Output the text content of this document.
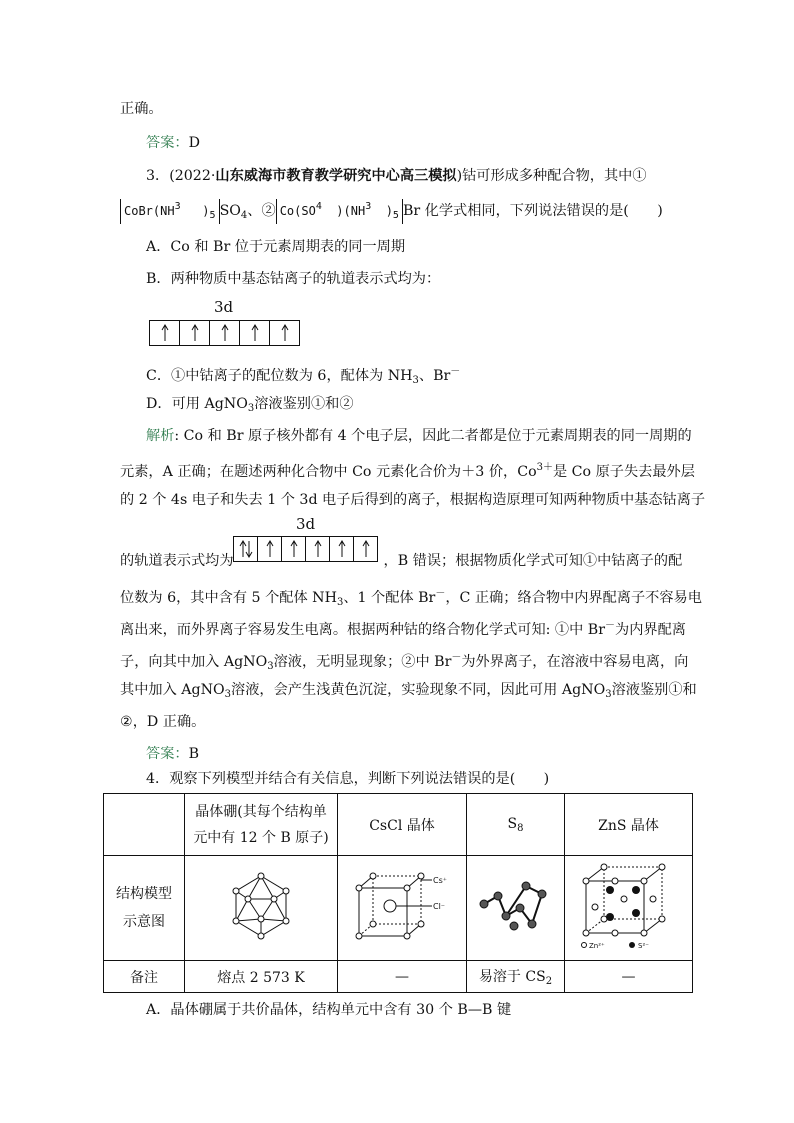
正确。
答案：D
3．(2022·山东威海市教育教学研究中心高三模拟)钴可形成多种配合物，其中①
$CoBr(NH^3$ )$_5$ $SO_4$、② $Co(SO^4$ )($NH^3$ )$_5$ Br 化学式相同，下列说法错误的是(　　)
A．Co 和 Br 位于元素周期表的同一周期
B．两种物质中基态钴离子的轨道表示式均为：
3d
C．①中钴离子的配位数为 6，配体为 $NH_3$、Br－
D．可用 AgNO$_3$溶液鉴别①和②
解析: Co 和 Br 原子核外都有 4 个电子层，因此二者都是位于元素周期表的同一周期的
元素，A 正确；在题述两种化合物中 Co 元素化合价为＋3 价，$Co^{3+}$是 Co 原子失去最外层
的 2 个 4s 电子和失去 1 个 3d 电子后得到的离子，根据构造原理可知两种物质中基态钴离子
3d
的轨道表示式均为	，B 错误；根据物质化学式可知①中钴离子的配
位数为 6，其中含有 5 个配体 $NH_3$、1 个配体 Br－，C 正确；络合物中内界配离子不容易电
离出来，而外界离子容易发生电离。根据两种钴的络合物化学式可知: ①中 Br－为内界配离
子，向其中加入 AgNO$_3$溶液，无明显现象；②中 Br－为外界离子，在溶液中容易电离，向
其中加入 AgNO$_3$溶液，会产生浅黄色沉淀，实验现象不同，因此可用 AgNO$_3$溶液鉴别①和
②，D 正确。
答案：B
4．观察下列模型并结合有关信息，判断下列说法错误的是(　　)
	晶体硼(其每个结构单
元中有 12 个 B 原子)	CsCl 晶体	$S_8$	ZnS 晶体
结构模型
示意图		Cs⁺
Cl⁻		Zn²⁺ S²⁻

备注	熔点 2 573 K	—	易溶于 $CS_2$	—
A．晶体硼属于共价晶体，结构单元中含有 30 个 B—B 键
